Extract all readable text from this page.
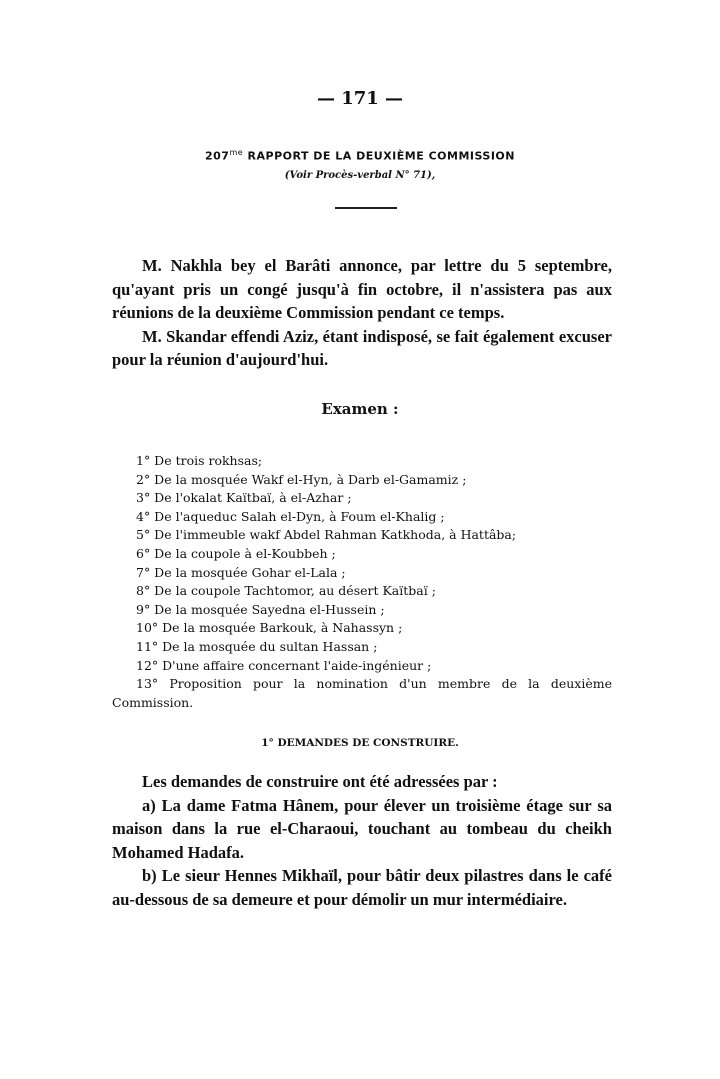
— 171 —
$207^{me}$ RAPPORT DE LA DEUXIÈME COMMISSION
(Voir Procès-verbal N° 71),

M. Nakhla bey el Barâti annonce, par lettre du 5 septembre, qu'ayant pris un congé jusqu'à fin octobre, il n'assistera pas aux réunions de la deuxième Commission pendant ce temps.

M. Skandar effendi Aziz, étant indisposé, se fait également excuser pour la réunion d'aujourd'hui.

Examen :
1° De trois rokhsas;
2° De la mosquée Wakf el-Hyn, à Darb el-Gamamiz ;
3° De l'okalat Kaïtbaï, à el-Azhar ;
4° De l'aqueduc Salah el-Dyn, à Foum el-Khalig ;
5° De l'immeuble wakf Abdel Rahman Katkhoda, à Hattâba;
6° De la coupole à el-Koubbeh ;
7° De la mosquée Gohar el-Lala ;
8° De la coupole Tachtomor, au désert Kaïtbaï ;
9° De la mosquée Sayedna el-Hussein ;
10° De la mosquée Barkouk, à Nahassyn ;
11° De la mosquée du sultan Hassan ;
12° D'une affaire concernant l'aide-ingénieur ;
13° Proposition pour la nomination d'un membre de la deuxième Commission.
1° DEMANDES DE CONSTRUIRE.

Les demandes de construire ont été adressées par :

a) La dame Fatma Hânem, pour élever un troisième étage sur sa maison dans la rue el-Charaoui, touchant au tombeau du cheikh Mohamed Hadafa.

b) Le sieur Hennes Mikhaïl, pour bâtir deux pilastres dans le café au-dessous de sa demeure et pour démolir un mur intermédiaire.
